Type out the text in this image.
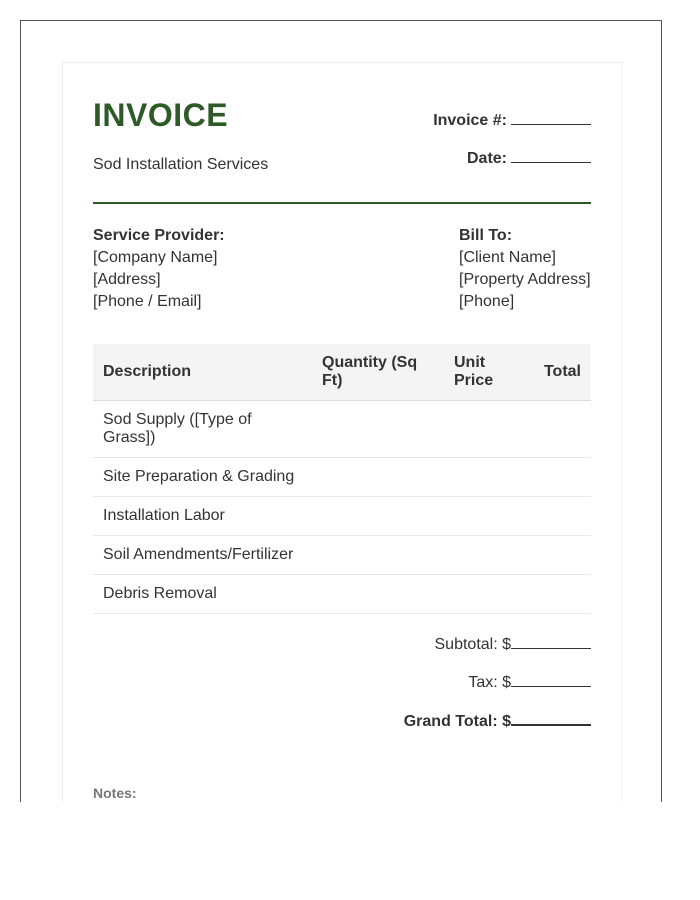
INVOICE
Sod Installation Services
Invoice #:
Date:
Service Provider:
[Company Name]
[Address]
[Phone / Email]
Bill To:
[Client Name]
[Property Address]
[Phone]
Description	Quantity (Sq Ft)	Unit Price	Total
Sod Supply ([Type of Grass])			
Site Preparation & Grading			
Installation Labor			
Soil Amendments/Fertilizer			
Debris Removal			
Subtotal: $
Tax: $
Grand Total: $
Notes:
